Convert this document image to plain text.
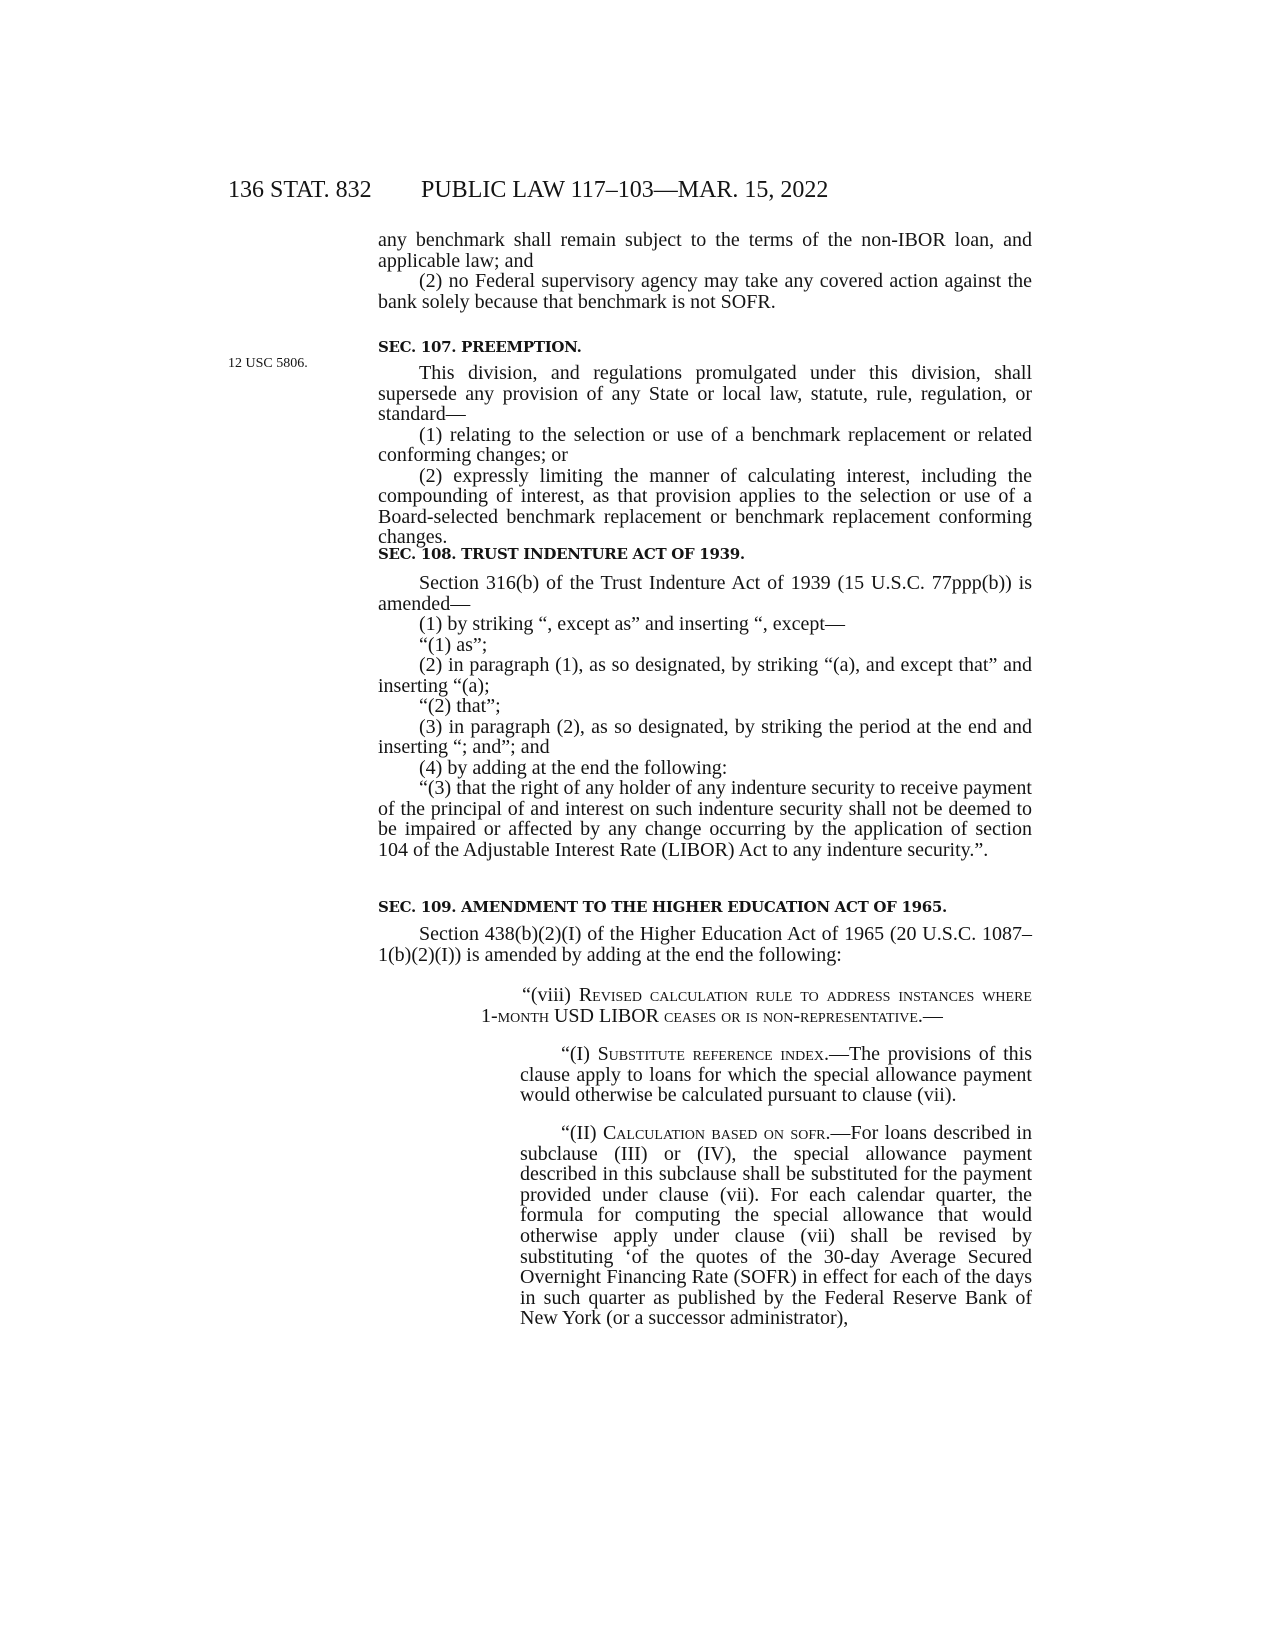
136 STAT. 832 PUBLIC LAW 117–103—MAR. 15, 2022
12 USC 5806.

any benchmark shall remain subject to the terms of the non-IBOR loan, and applicable law; and

(2) no Federal supervisory agency may take any covered action against the bank solely because that benchmark is not SOFR.

SEC. 107. PREEMPTION.

This division, and regulations promulgated under this division, shall supersede any provision of any State or local law, statute, rule, regulation, or standard—

(1) relating to the selection or use of a benchmark replacement or related conforming changes; or

(2) expressly limiting the manner of calculating interest, including the compounding of interest, as that provision applies to the selection or use of a Board-selected benchmark replacement or benchmark replacement conforming changes.

SEC. 108. TRUST INDENTURE ACT OF 1939.

Section 316(b) of the Trust Indenture Act of 1939 (15 U.S.C. 77ppp(b)) is amended—

(1) by striking “, except as” and inserting “, except—

“(1) as”;

(2) in paragraph (1), as so designated, by striking “(a), and except that” and inserting “(a);

“(2) that”;

(3) in paragraph (2), as so designated, by striking the period at the end and inserting “; and”; and

(4) by adding at the end the following:

“(3) that the right of any holder of any indenture security to receive payment of the principal of and interest on such indenture security shall not be deemed to be impaired or affected by any change occurring by the application of section 104 of the Adjustable Interest Rate (LIBOR) Act to any indenture security.”.

SEC. 109. AMENDMENT TO THE HIGHER EDUCATION ACT OF 1965.

Section 438(b)(2)(I) of the Higher Education Act of 1965 (20 U.S.C. 1087–1(b)(2)(I)) is amended by adding at the end the following:

“(viii) Revised calculation rule to address instances where 1-month USD LIBOR ceases or is non-representative.—

“(I) Substitute reference index.—The provisions of this clause apply to loans for which the special allowance payment would otherwise be calculated pursuant to clause (vii).

“(II) Calculation based on sofr.—For loans described in subclause (III) or (IV), the special allowance payment described in this subclause shall be substituted for the payment provided under clause (vii). For each calendar quarter, the formula for computing the special allowance that would otherwise apply under clause (vii) shall be revised by substituting ‘of the quotes of the 30-day Average Secured Overnight Financing Rate (SOFR) in effect for each of the days in such quarter as published by the Federal Reserve Bank of New York (or a successor administrator),
